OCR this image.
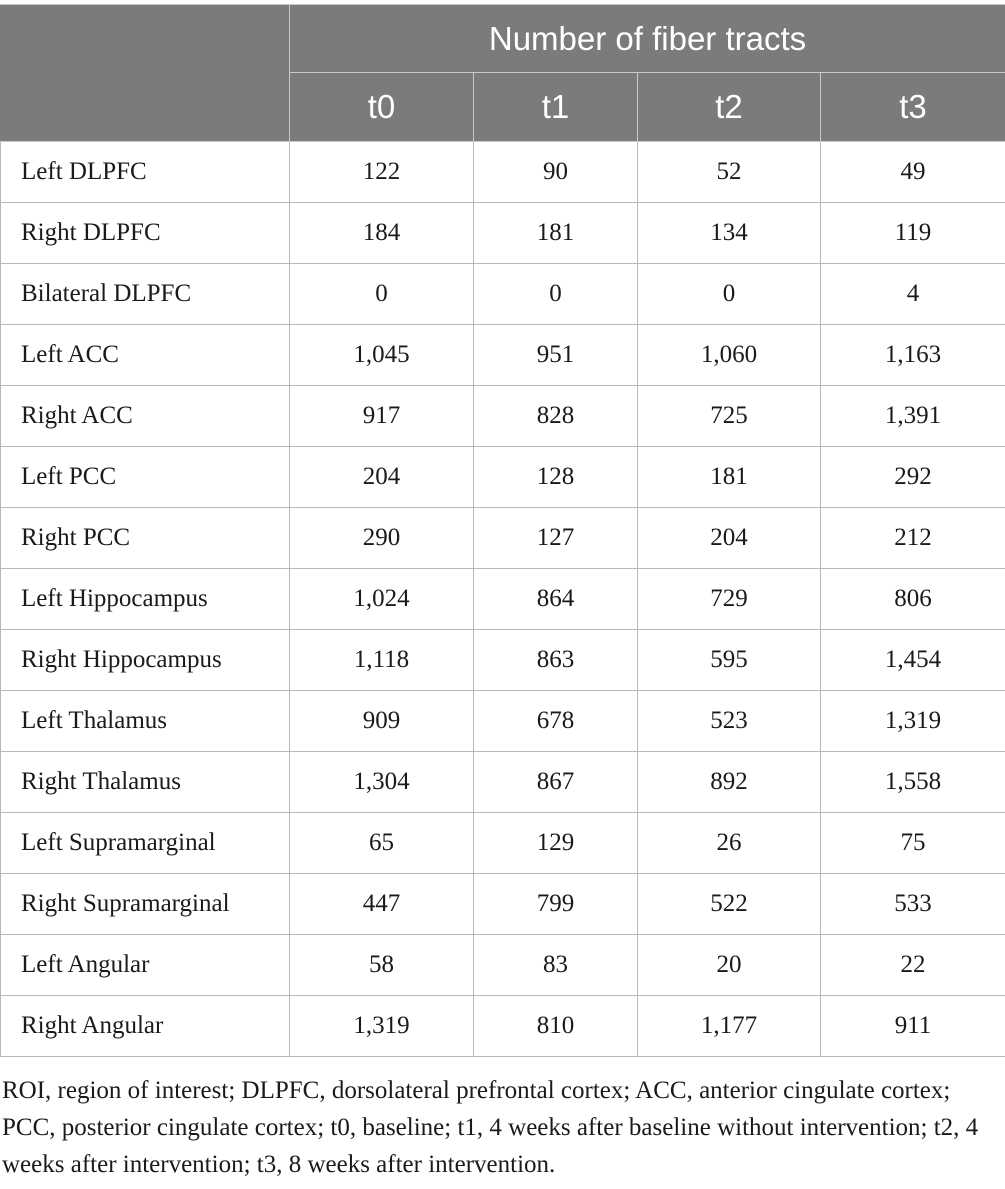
	Number of fiber tracts			
	t0	t1	t2	t3
Left DLPFC	122	90	52	49
Right DLPFC	184	181	134	119
Bilateral DLPFC	0	0	0	4
Left ACC	1,045	951	1,060	1,163
Right ACC	917	828	725	1,391
Left PCC	204	128	181	292
Right PCC	290	127	204	212
Left Hippocampus	1,024	864	729	806
Right Hippocampus	1,118	863	595	1,454
Left Thalamus	909	678	523	1,319
Right Thalamus	1,304	867	892	1,558
Left Supramarginal	65	129	26	75
Right Supramarginal	447	799	522	533
Left Angular	58	83	20	22
Right Angular	1,319	810	1,177	911

ROI, region of interest; DLPFC, dorsolateral prefrontal cortex; ACC, anterior cingulate cortex; PCC, posterior cingulate cortex; t0, baseline; t1, 4 weeks after baseline without intervention; t2, 4 weeks after intervention; t3, 8 weeks after intervention.
